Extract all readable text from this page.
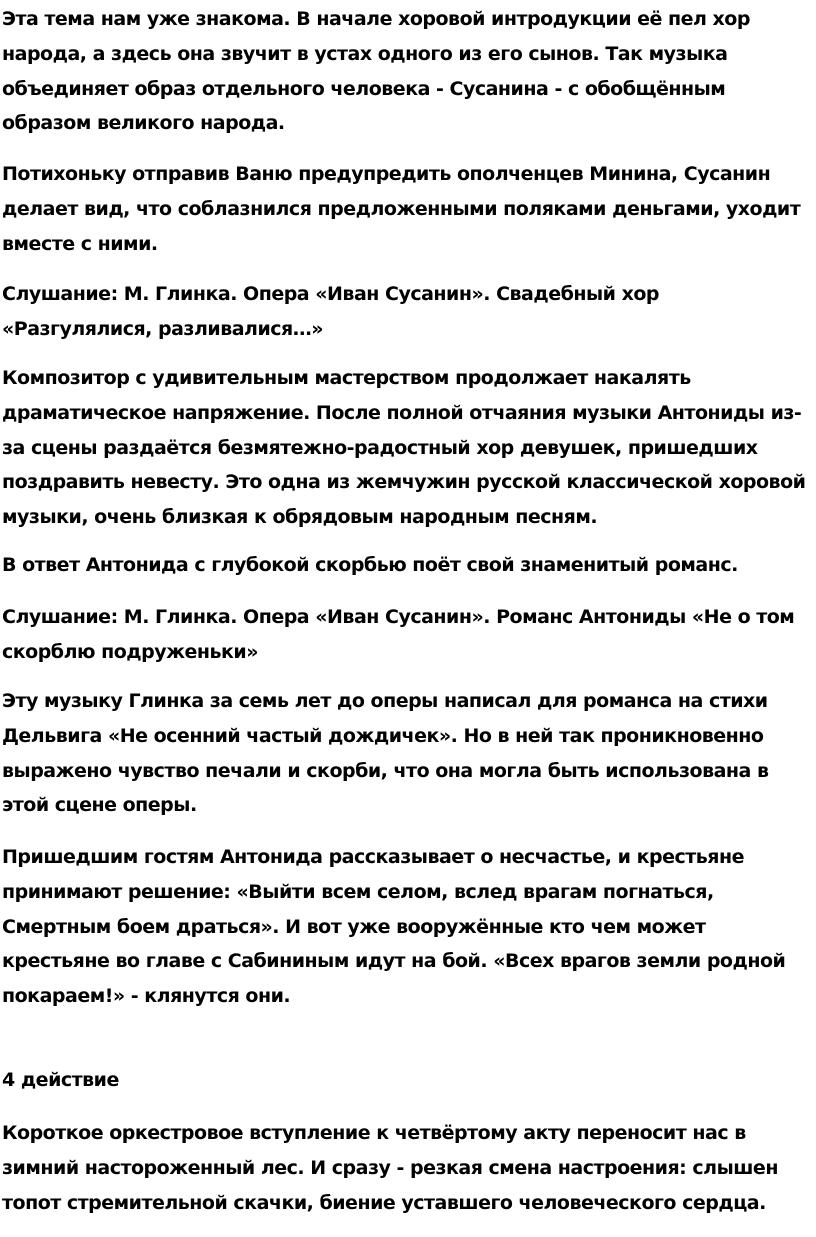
Эта тема нам уже знакома. В начале хоровой интродукции её пел хор народа, а здесь она звучит в устах одного из его сынов. Так музыка объединяет образ отдельного человека - Сусанина - с обобщённым образом великого народа.

Потихоньку отправив Ваню предупредить ополченцев Минина, Сусанин делает вид, что соблазнился предложенными поляками деньгами, уходит вместе с ними.

Слушание: М. Глинка. Опера «Иван Сусанин». Свадебный хор «Разгулялися, разливалися…»

Композитор с удивительным мастерством продолжает накалять драматическое напряжение. После полной отчаяния музыки Антониды из-за сцены раздаётся безмятежно-радостный хор девушек, пришедших поздравить невесту. Это одна из жемчужин русской классической хоровой музыки, очень близкая к обрядовым народным песням.

В ответ Антонида с глубокой скорбью поёт свой знаменитый романс.

Слушание: М. Глинка. Опера «Иван Сусанин». Романс Антониды «Не о том скорблю подруженьки»

Эту музыку Глинка за семь лет до оперы написал для романса на стихи Дельвига «Не осенний частый дождичек». Но в ней так проникновенно выражено чувство печали и скорби, что она могла быть использована в этой сцене оперы.

Пришедшим гостям Антонида рассказывает о несчастье, и крестьяне принимают решение: «Выйти всем селом, вслед врагам погнаться, Смертным боем драться». И вот уже вооружённые кто чем может крестьяне во главе с Сабининым идут на бой. «Всех врагов земли родной покараем!» - клянутся они.

4 действие

Короткое оркестровое вступление к четвёртому акту переносит нас в зимний настороженный лес. И сразу - резкая смена настроения: слышен топот стремительной скачки, биение уставшего человеческого сердца.
